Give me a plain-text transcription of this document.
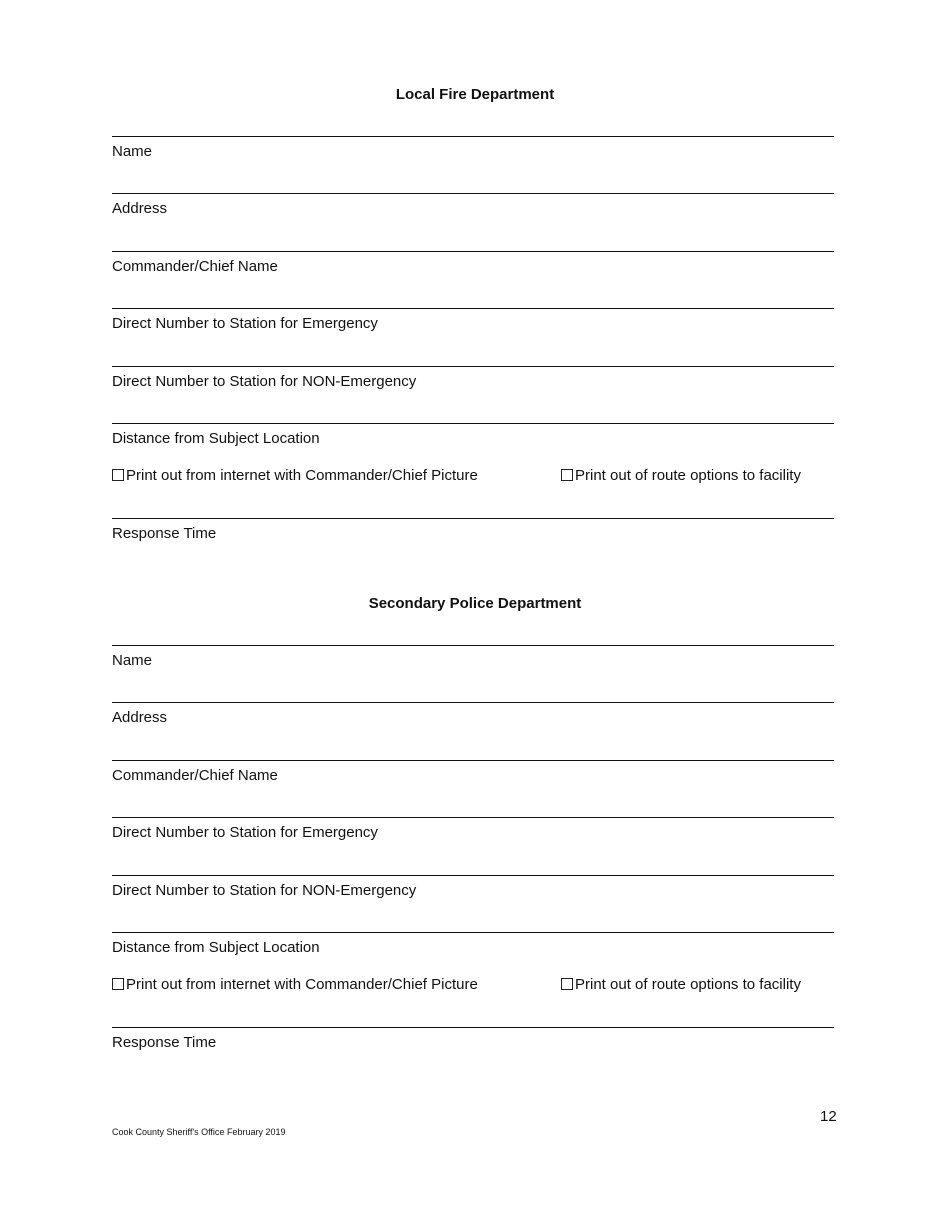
Local Fire Department
Name
Address
Commander/Chief Name
Direct Number to Station for Emergency
Direct Number to Station for NON-Emergency
Distance from Subject Location
Print out from internet with Commander/Chief Picture	Print out of route options to facility
Response Time
Secondary Police Department
Name
Address
Commander/Chief Name
Direct Number to Station for Emergency
Direct Number to Station for NON-Emergency
Distance from Subject Location
Print out from internet with Commander/Chief Picture	Print out of route options to facility
Response Time
12
Cook County Sheriff's Office February 2019
